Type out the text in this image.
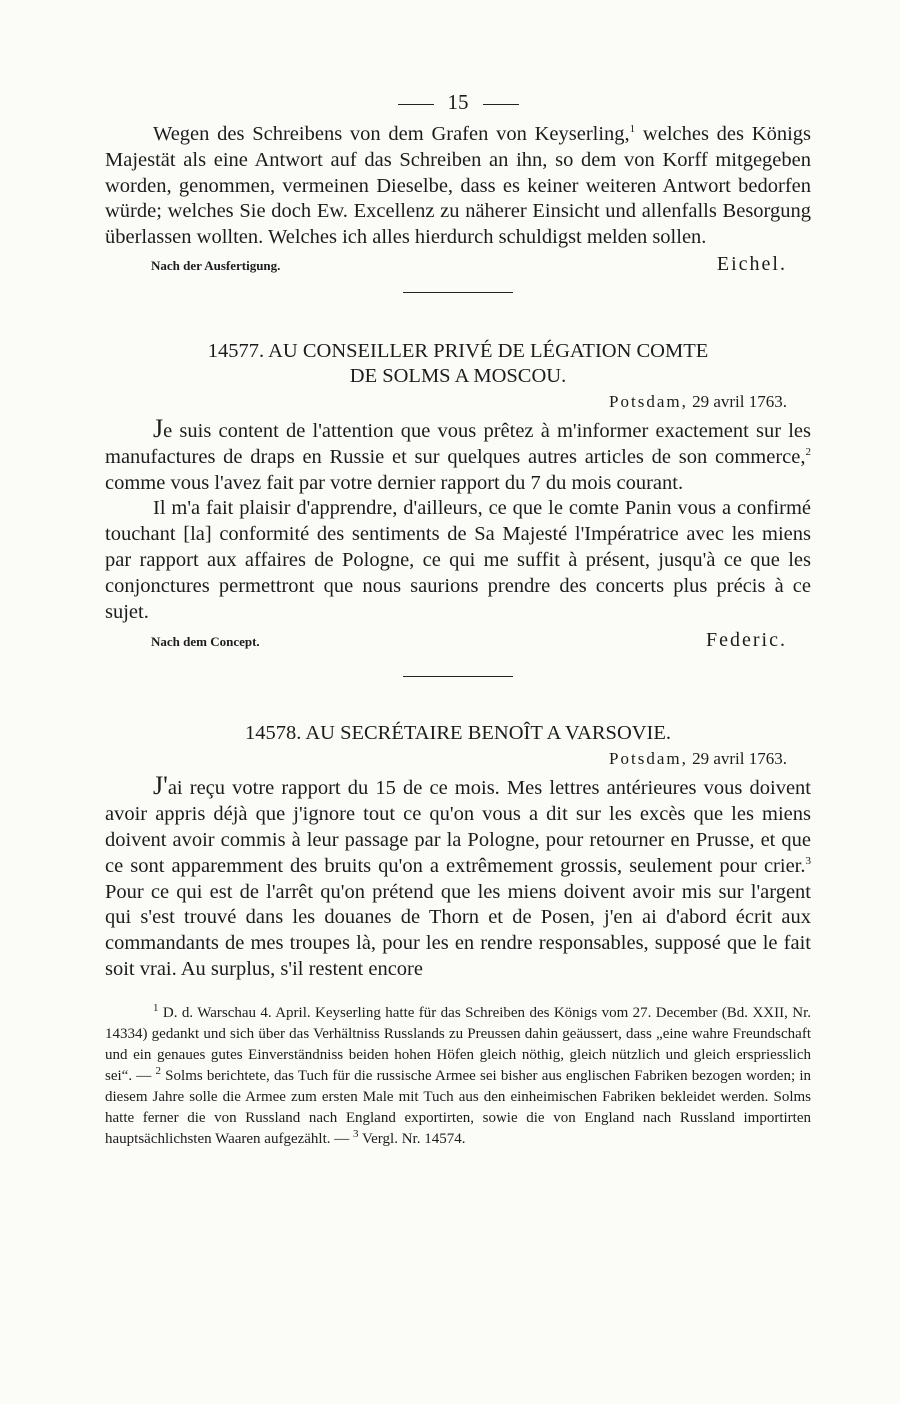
15

Wegen des Schreibens von dem Grafen von Keyserling,$^1$ welches des Königs Majestät als eine Antwort auf das Schreiben an ihn, so dem von Korff mitgegeben worden, genommen, vermeinen Dieselbe, dass es keiner weiteren Antwort bedorfen würde; welches Sie doch Ew. Excellenz zu näherer Einsicht und allenfalls Besorgung überlassen wollten. Welches ich alles hierdurch schuldigst melden sollen.

Nach der Ausfertigung.	Eichel.
14577. AU CONSEILLER PRIVÉ DE LÉGATION COMTE
DE SOLMS A MOSCOU.
Potsdam, 29 avril 1763.

Je suis content de l'attention que vous prêtez à m'informer exactement sur les manufactures de draps en Russie et sur quelques autres articles de son commerce,$^2$ comme vous l'avez fait par votre dernier rapport du 7 du mois courant.

Il m'a fait plaisir d'apprendre, d'ailleurs, ce que le comte Panin vous a confirmé touchant [la] conformité des sentiments de Sa Majesté l'Impératrice avec les miens par rapport aux affaires de Pologne, ce qui me suffit à présent, jusqu'à ce que les conjonctures permettront que nous saurions prendre des concerts plus précis à ce sujet.

Nach dem Concept.	Federic.
14578. AU SECRÉTAIRE BENOÎT A VARSOVIE.
Potsdam, 29 avril 1763.

J'ai reçu votre rapport du 15 de ce mois. Mes lettres antérieures vous doivent avoir appris déjà que j'ignore tout ce qu'on vous a dit sur les excès que les miens doivent avoir commis à leur passage par la Pologne, pour retourner en Prusse, et que ce sont apparemment des bruits qu'on a extrêmement grossis, seulement pour crier.$^3$ Pour ce qui est de l'arrêt qu'on prétend que les miens doivent avoir mis sur l'argent qui s'est trouvé dans les douanes de Thorn et de Posen, j'en ai d'abord écrit aux commandants de mes troupes là, pour les en rendre responsables, supposé que le fait soit vrai. Au surplus, s'il restent encore

$^1$ D. d. Warschau 4. April. Keyserling hatte für das Schreiben des Königs vom 27. December (Bd. XXII, Nr. 14334) gedankt und sich über das Verhältniss Russlands zu Preussen dahin geäussert, dass „eine wahre Freundschaft und ein genaues gutes Einverständniss beiden hohen Höfen gleich nöthig, gleich nützlich und gleich erspriesslich sei“. — $^2$ Solms berichtete, das Tuch für die russische Armee sei bisher aus englischen Fabriken bezogen worden; in diesem Jahre solle die Armee zum ersten Male mit Tuch aus den einheimischen Fabriken bekleidet werden. Solms hatte ferner die von Russland nach England exportirten, sowie die von England nach Russland importirten hauptsächlichsten Waaren aufgezählt. — $^3$ Vergl. Nr. 14574.
